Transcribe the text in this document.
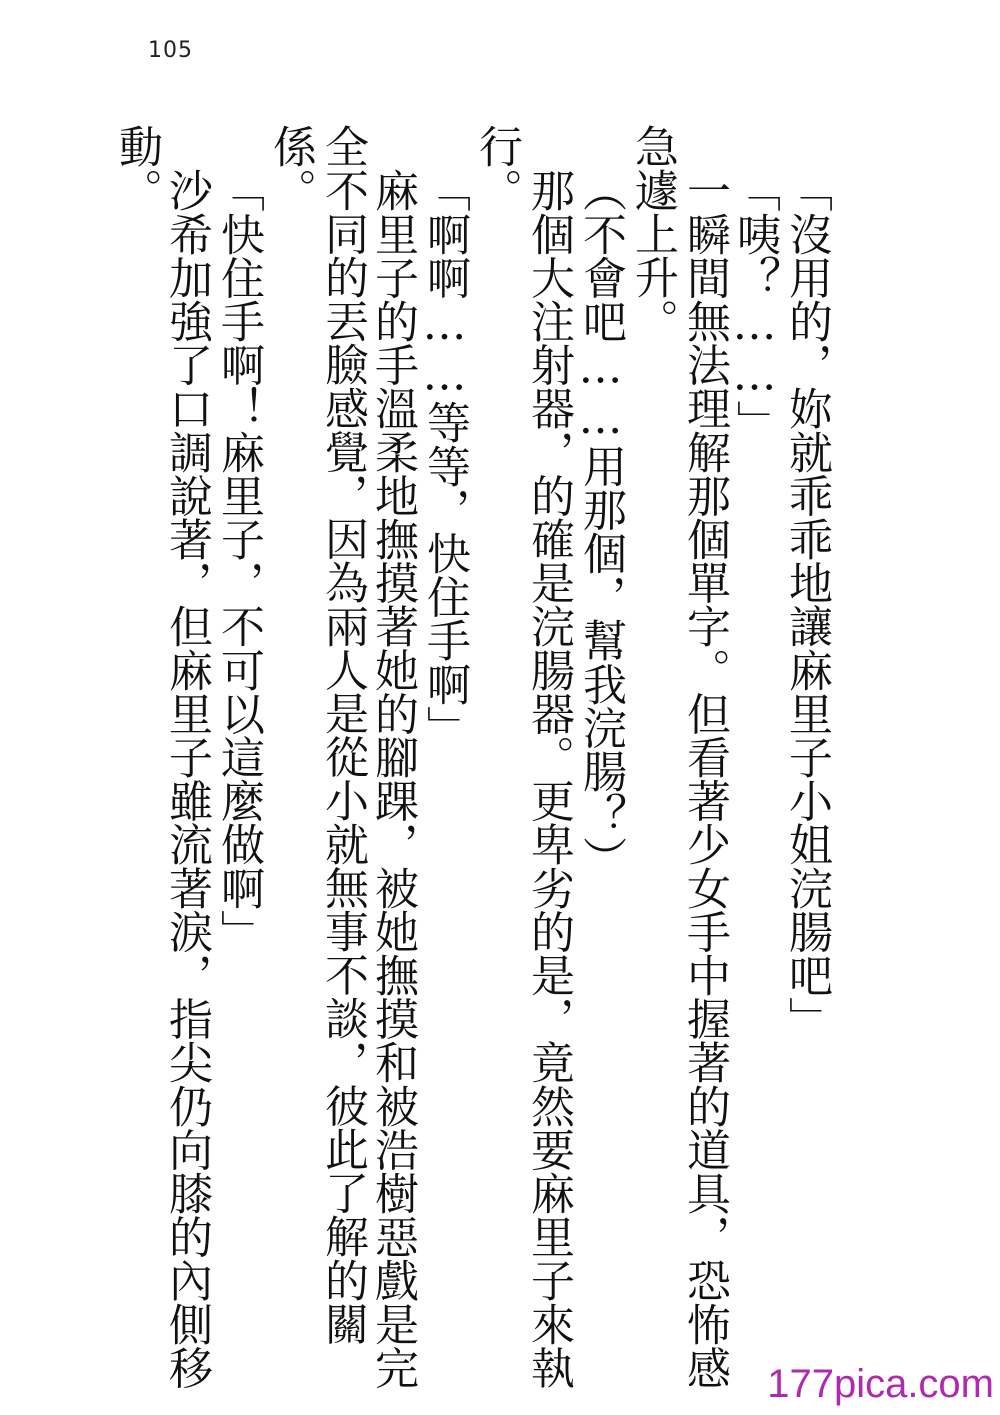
105
「沒用的，妳就乖乖地讓麻里子小姐浣腸吧」
「咦？……」
一瞬間無法理解那個單字。但看著少女手中握著的道具，恐怖感
急遽上升。
（不會吧……用那個，幫我浣腸？）
那個大注射器，的確是浣腸器。更卑劣的是，竟然要麻里子來執
行。
「啊啊……等等，快住手啊」
麻里子的手溫柔地撫摸著她的腳踝，被她撫摸和被浩樹惡戲是完
全不同的丟臉感覺，因為兩人是從小就無事不談，彼此了解的關
係。
「快住手啊！麻里子，不可以這麼做啊」
沙希加強了口調說著，但麻里子雖流著淚，指尖仍向膝的內側移
動。
177pica.com
